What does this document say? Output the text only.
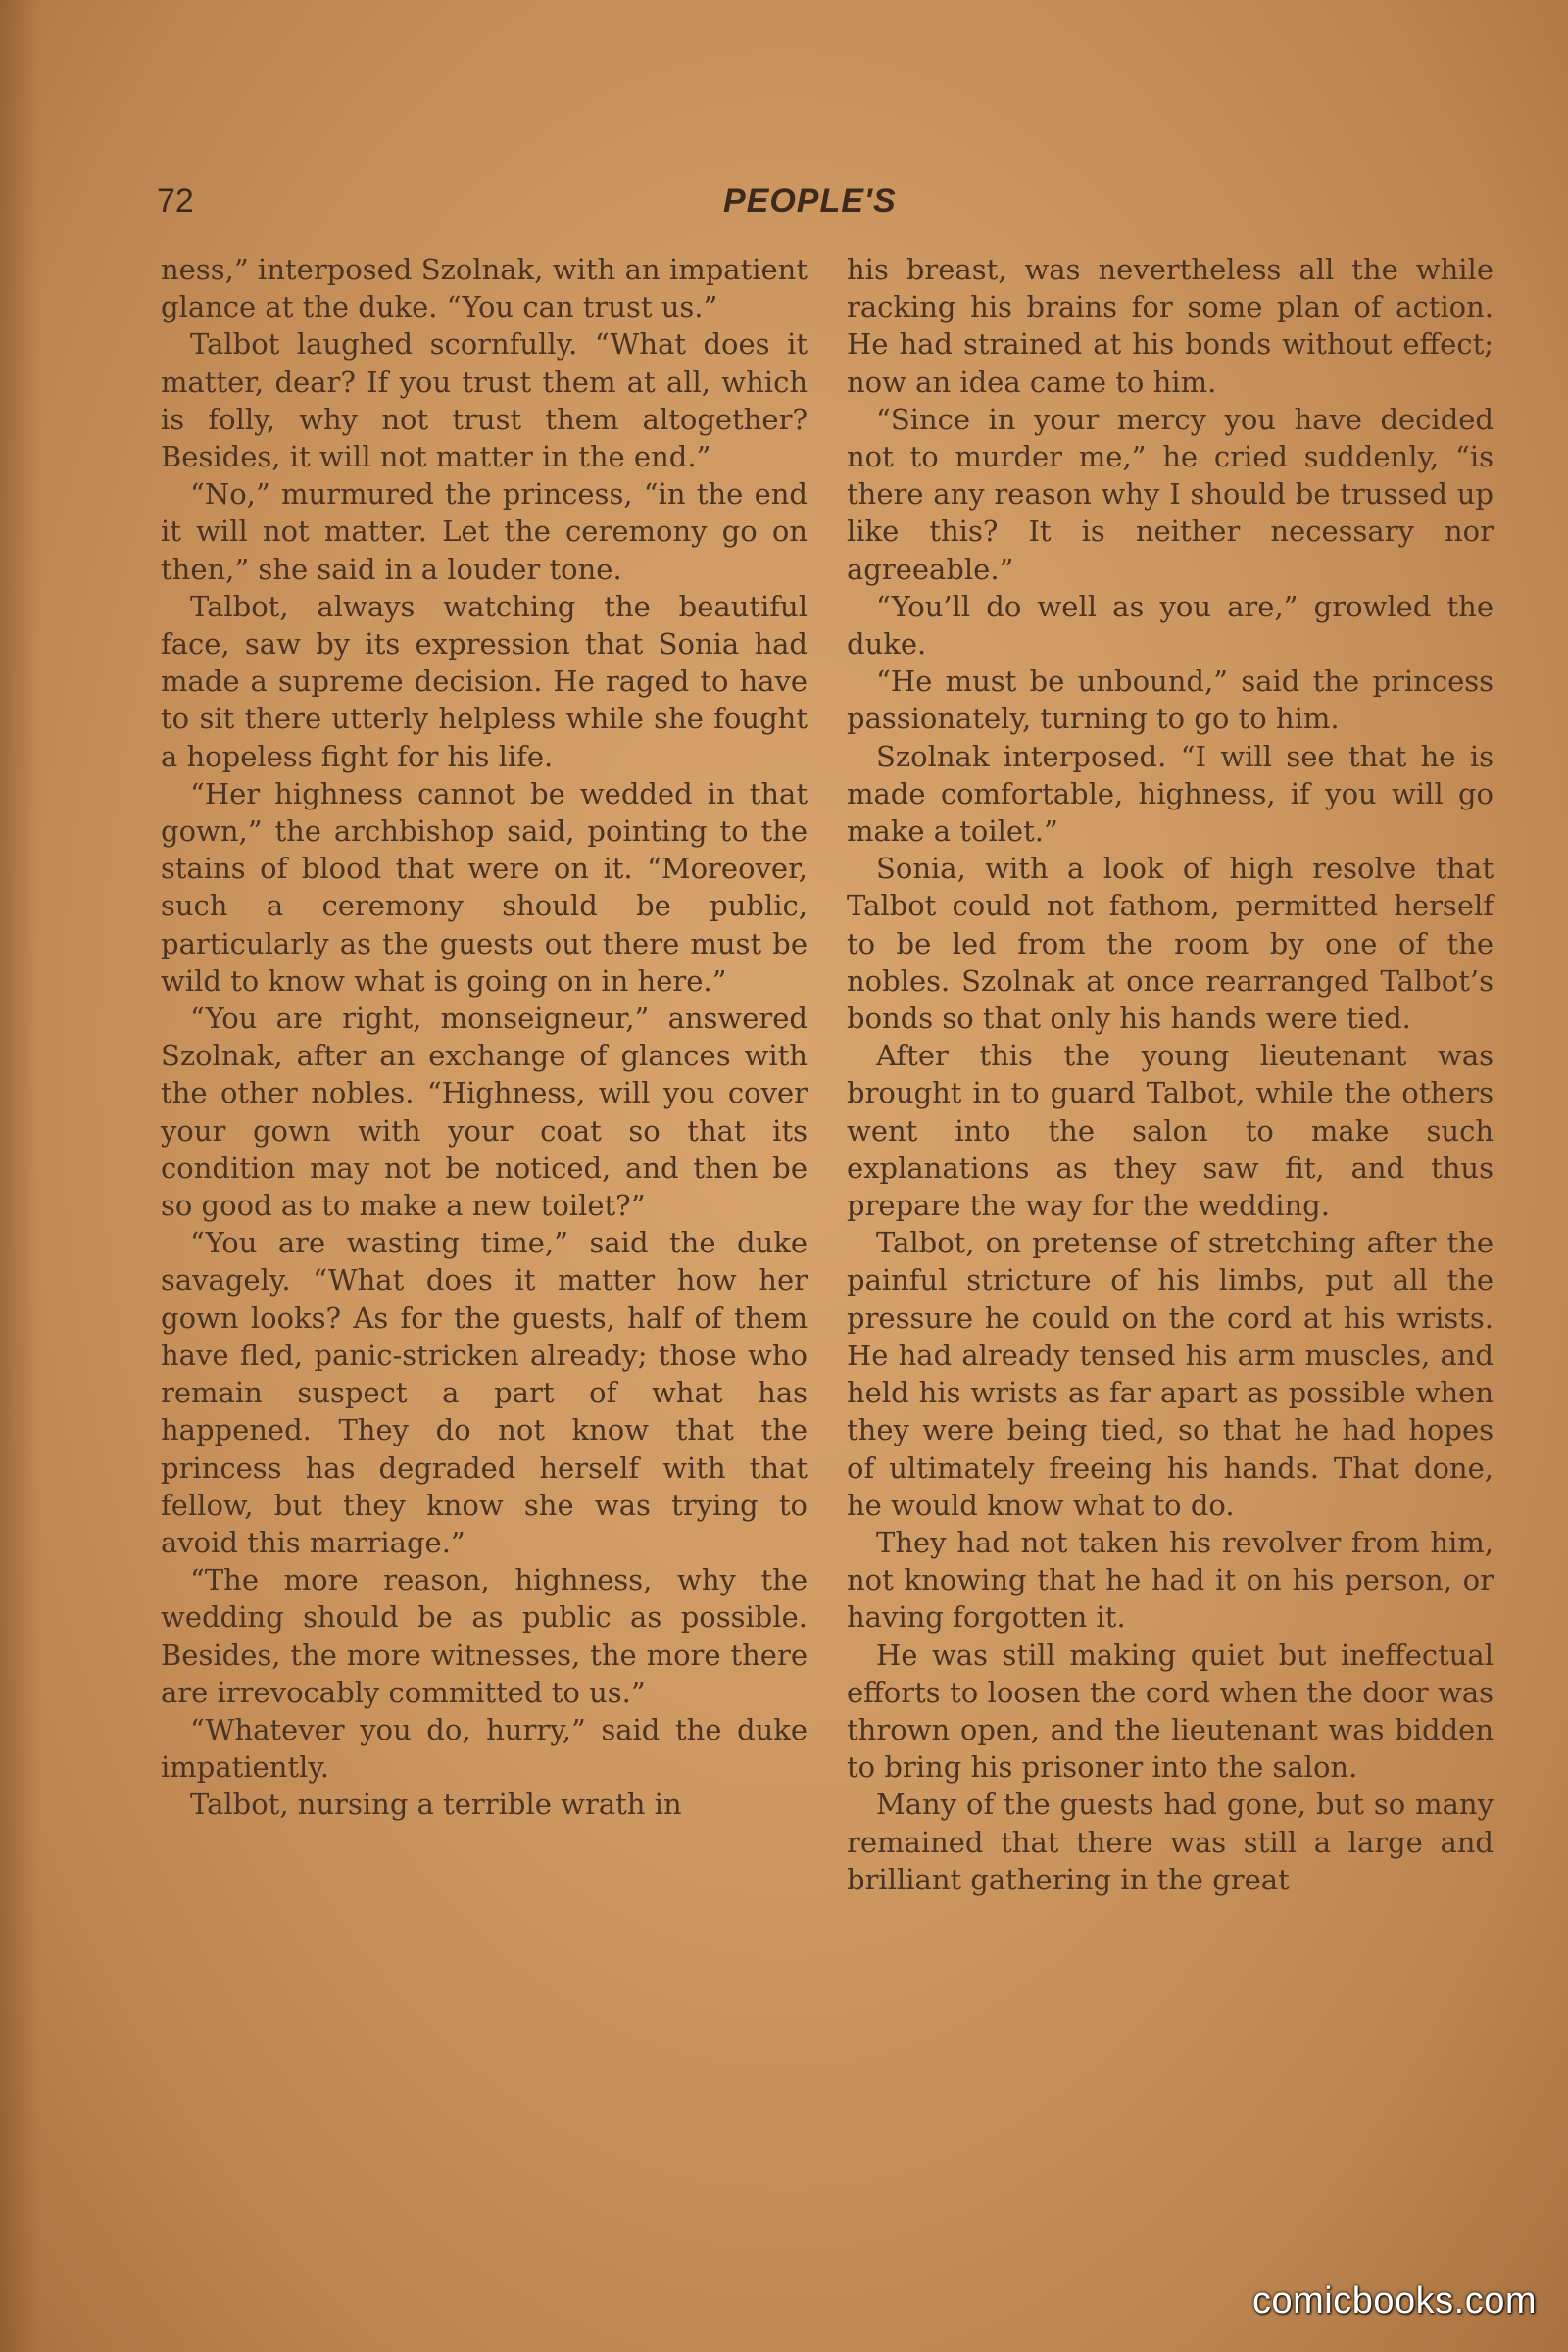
72	PEOPLE'S

ness,” interposed Szolnak, with an impatient glance at the duke. “You can trust us.”

Talbot laughed scornfully. “What does it matter, dear? If you trust them at all, which is folly, why not trust them altogether? Besides, it will not matter in the end.”

“No,” murmured the princess, “in the end it will not matter. Let the ceremony go on then,” she said in a louder tone.

Talbot, always watching the beautiful face, saw by its expression that Sonia had made a supreme decision. He raged to have to sit there utterly helpless while she fought a hopeless fight for his life.

“Her highness cannot be wedded in that gown,” the archbishop said, pointing to the stains of blood that were on it. “Moreover, such a ceremony should be public, particularly as the guests out there must be wild to know what is going on in here.”

“You are right, monseigneur,” answered Szolnak, after an exchange of glances with the other nobles. “Highness, will you cover your gown with your coat so that its condition may not be noticed, and then be so good as to make a new toilet?”

“You are wasting time,” said the duke savagely. “What does it matter how her gown looks? As for the guests, half of them have fled, panic-stricken already; those who remain suspect a part of what has happened. They do not know that the princess has degraded herself with that fellow, but they know she was trying to avoid this marriage.”

“The more reason, highness, why the wedding should be as public as possible. Besides, the more witnesses, the more there are irrevocably committed to us.”

“Whatever you do, hurry,” said the duke impatiently.

Talbot, nursing a terrible wrath in

his breast, was nevertheless all the while racking his brains for some plan of action. He had strained at his bonds without effect; now an idea came to him.

“Since in your mercy you have decided not to murder me,” he cried suddenly, “is there any reason why I should be trussed up like this? It is neither necessary nor agreeable.”

“You’ll do well as you are,” growled the duke.

“He must be unbound,” said the princess passionately, turning to go to him.

Szolnak interposed. “I will see that he is made comfortable, highness, if you will go make a toilet.”

Sonia, with a look of high resolve that Talbot could not fathom, permitted herself to be led from the room by one of the nobles. Szolnak at once rearranged Talbot’s bonds so that only his hands were tied.

After this the young lieutenant was brought in to guard Talbot, while the others went into the salon to make such explanations as they saw fit, and thus prepare the way for the wedding.

Talbot, on pretense of stretching after the painful stricture of his limbs, put all the pressure he could on the cord at his wrists. He had already tensed his arm muscles, and held his wrists as far apart as possible when they were being tied, so that he had hopes of ultimately freeing his hands. That done, he would know what to do.

They had not taken his revolver from him, not knowing that he had it on his person, or having forgotten it.

He was still making quiet but ineffectual efforts to loosen the cord when the door was thrown open, and the lieutenant was bidden to bring his prisoner into the salon.

Many of the guests had gone, but so many remained that there was still a large and brilliant gathering in the great

comicbooks.com
